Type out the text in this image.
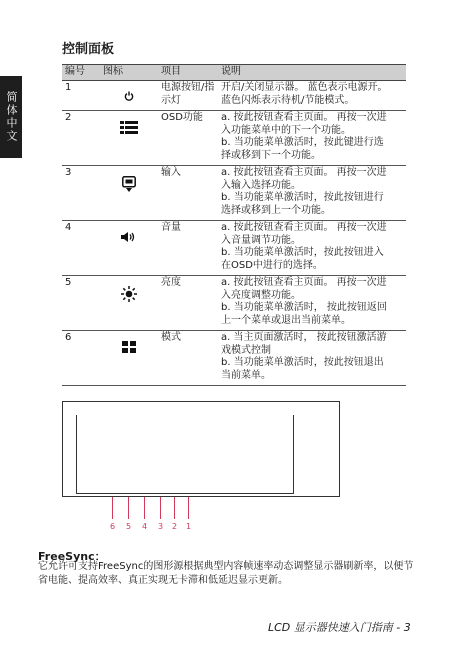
简体中文
控制面板
编号	图标	项目	说明
1		电源按钮/指示灯	开启/关闭显示器。 蓝色表示电源开。
蓝色闪烁表示待机/节能模式。

2		OSD功能	a. 按此按钮查看主页面。 再按一次进
入功能菜单中的下一个功能。
b. 当功能菜单激活时，按此键进行选
择或移到下一个功能。

3		输入	a. 按此按钮查看主页面。 再按一次进
入输入选择功能。
b. 当功能菜单激活时，按此按钮进行
选择或移到上一个功能。

4		音量	a. 按此按钮查看主页面。 再按一次进
入音量调节功能。
b. 当功能菜单激活时，按此按钮进入
在OSD中进行的选择。

5		亮度	a. 按此按钮查看主页面。 再按一次进
入亮度调整功能。
b. 当功能菜单激活时， 按此按钮返回
上一个菜单或退出当前菜单。

6		模式	a. 当主页面激活时， 按此按钮激活游
戏模式控制
b. 当功能菜单激活时，按此按钮退出
当前菜单。
6 5 4 3 2 1
FreeSync：
它允许可支持FreeSync的图形源根据典型内容帧速率动态调整显示器刷新率，以便节省电能、提高效率、真正实现无卡滞和低延迟显示更新。
LCD 显示器快速入门指南 - 3
